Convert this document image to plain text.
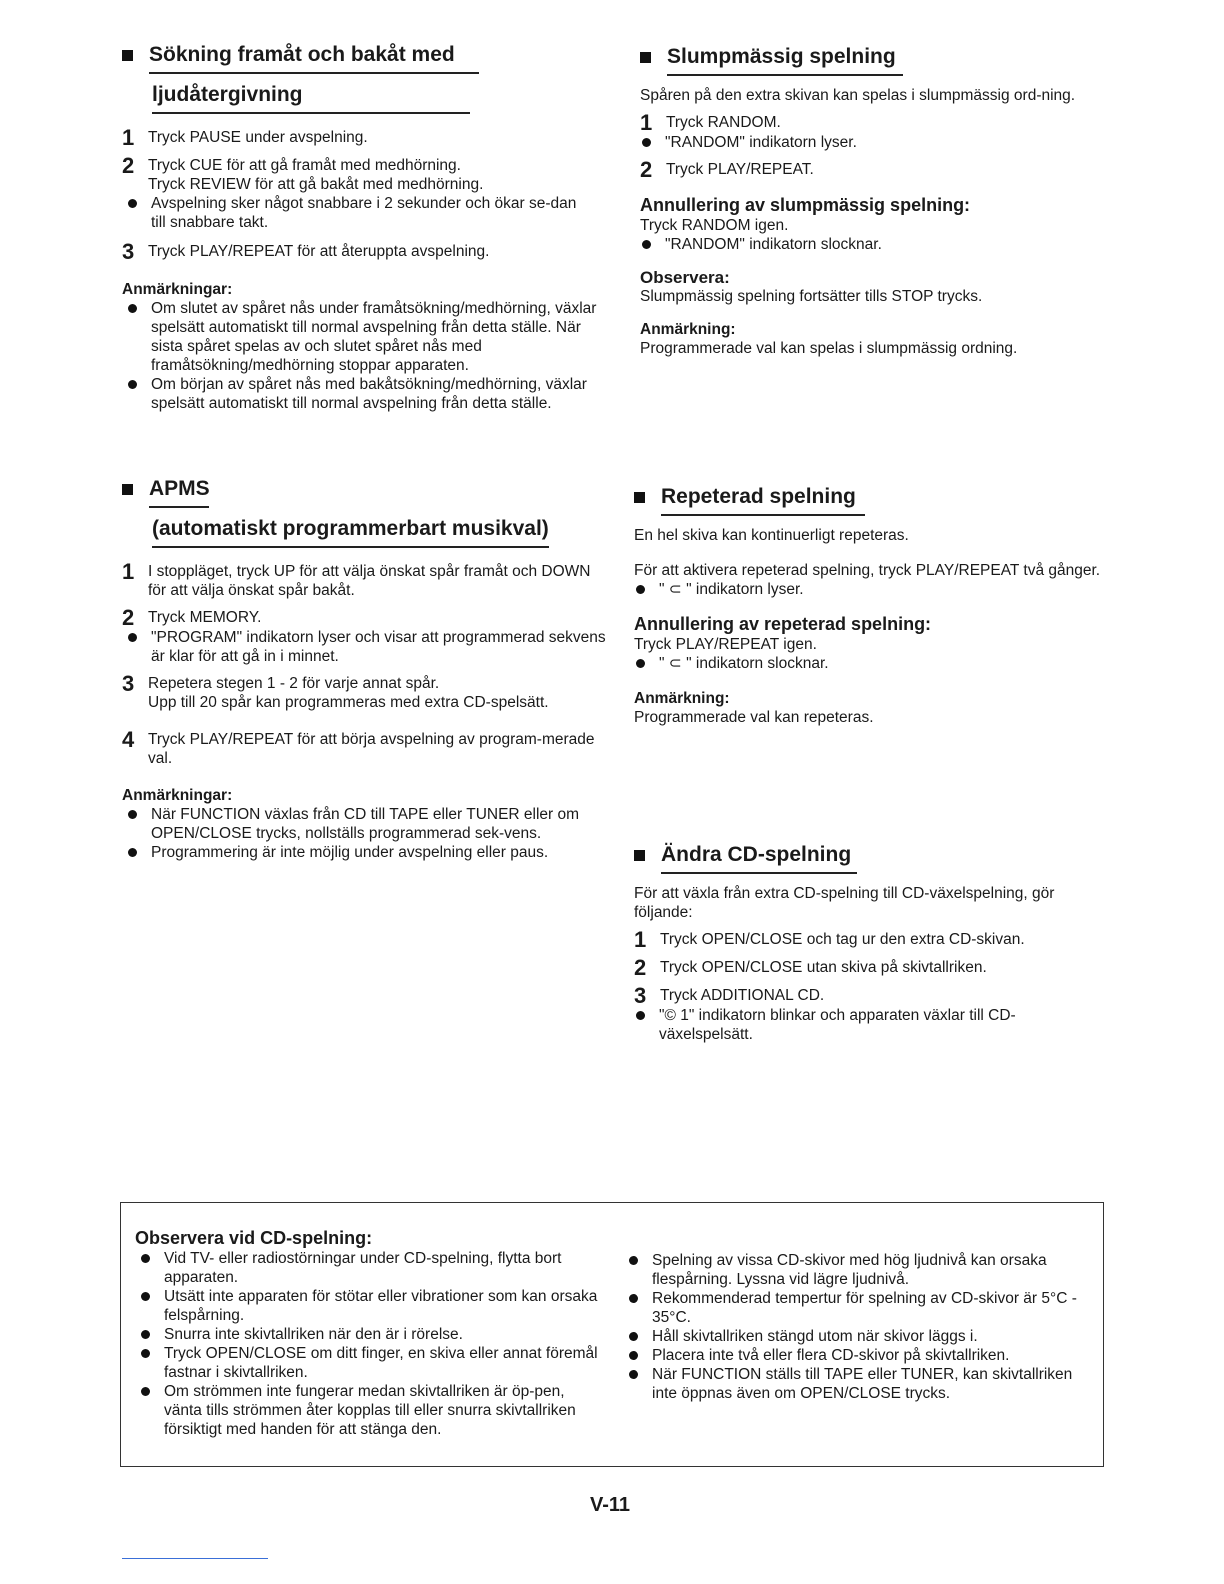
Sökning framåt och bakåt med
ljudåtergivning
1 Tryck PAUSE under avspelning.
2 Tryck CUE för att gå framåt med medhörning.
Tryck REVIEW för att gå bakåt med medhörning.
Avspelning sker något snabbare i 2 sekunder och ökar se-dan till snabbare takt.
3 Tryck PLAY/REPEAT för att återuppta avspelning.

Anmärkningar:

Om slutet av spåret nås under framåtsökning/medhörning, växlar spelsätt automatiskt till normal avspelning från detta ställe. När sista spåret spelas av och slutet spåret nås med framåtsökning/medhörning stoppar apparaten.
Om början av spåret nås med bakåtsökning/medhörning, växlar spelsätt automatiskt till normal avspelning från detta ställe.
APMS
(automatiskt programmerbart musikval)
1 I stoppläget, tryck UP för att välja önskat spår framåt och DOWN för att välja önskat spår bakåt.
2 Tryck MEMORY.
"PROGRAM" indikatorn lyser och visar att programmerad sekvens är klar för att gå in i minnet.
3 Repetera stegen 1 - 2 för varje annat spår.
Upp till 20 spår kan programmeras med extra CD-spelsätt.
4 Tryck PLAY/REPEAT för att börja avspelning av program-merade val.

Anmärkningar:

När FUNCTION växlas från CD till TAPE eller TUNER eller om OPEN/CLOSE trycks, nollställs programmerad sek-vens.
Programmering är inte möjlig under avspelning eller paus.
Slumpmässig spelning

Spåren på den extra skivan kan spelas i slumpmässig ord-ning.

1 Tryck RANDOM.
"RANDOM" indikatorn lyser.
2 Tryck PLAY/REPEAT.

Annullering av slumpmässig spelning:

Tryck RANDOM igen.

"RANDOM" indikatorn slocknar.

Observera:

Slumpmässig spelning fortsätter tills STOP trycks.

Anmärkning:

Programmerade val kan spelas i slumpmässig ordning.

Repeterad spelning

En hel skiva kan kontinuerligt repeteras.

För att aktivera repeterad spelning, tryck PLAY/REPEAT två gånger.

" ⊂ " indikatorn lyser.

Annullering av repeterad spelning:

Tryck PLAY/REPEAT igen.

" ⊂ " indikatorn slocknar.

Anmärkning:

Programmerade val kan repeteras.

Ändra CD-spelning

För att växla från extra CD-spelning till CD-växelspelning, gör följande:

1 Tryck OPEN/CLOSE och tag ur den extra CD-skivan.
2 Tryck OPEN/CLOSE utan skiva på skivtallriken.
3 Tryck ADDITIONAL CD.
"© 1" indikatorn blinkar och apparaten växlar till CD-växelspelsätt.

Observera vid CD-spelning:

Vid TV- eller radiostörningar under CD-spelning, flytta bort apparaten.
Utsätt inte apparaten för stötar eller vibrationer som kan orsaka felspårning.
Snurra inte skivtallriken när den är i rörelse.
Tryck OPEN/CLOSE om ditt finger, en skiva eller annat föremål fastnar i skivtallriken.
Om strömmen inte fungerar medan skivtallriken är öp-pen, vänta tills strömmen åter kopplas till eller snurra skivtallriken försiktigt med handen för att stänga den.
Spelning av vissa CD-skivor med hög ljudnivå kan orsaka flespårning. Lyssna vid lägre ljudnivå.
Rekommenderad tempertur för spelning av CD-skivor är 5°C - 35°C.
Håll skivtallriken stängd utom när skivor läggs i.
Placera inte två eller flera CD-skivor på skivtallriken.
När FUNCTION ställs till TAPE eller TUNER, kan skivtallriken inte öppnas även om OPEN/CLOSE trycks.
V-11
